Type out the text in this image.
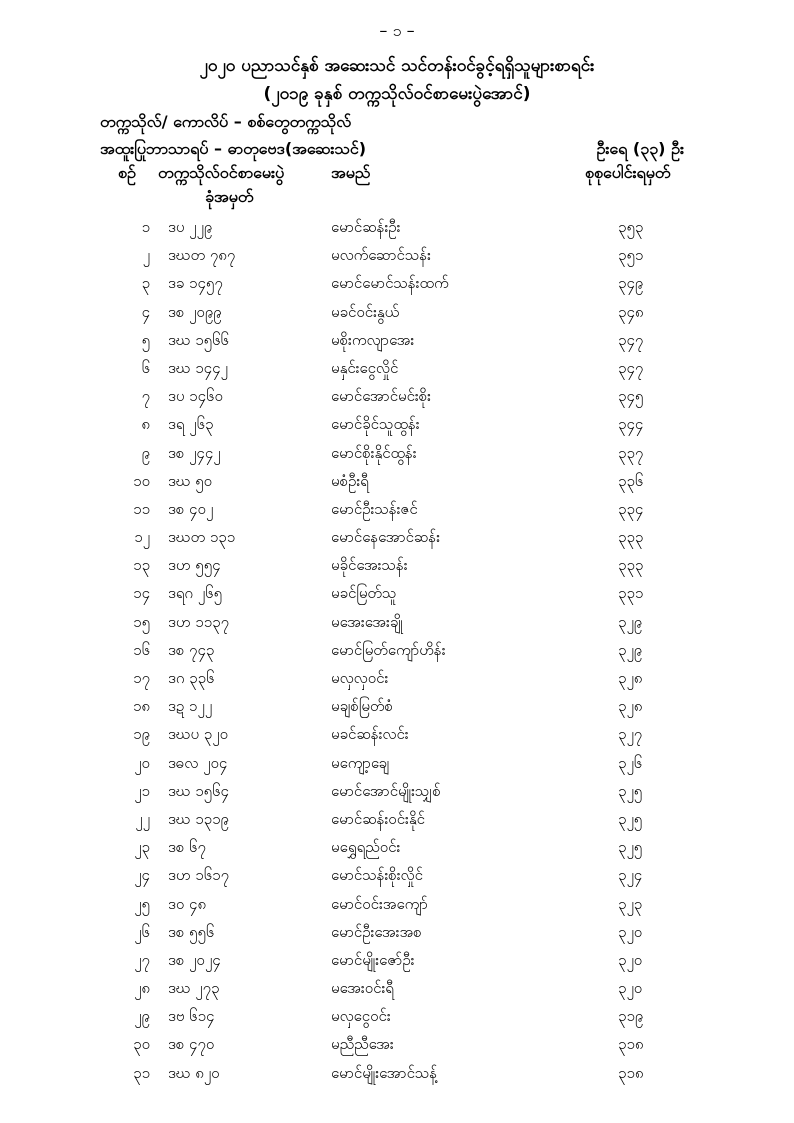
– ၁ –
၂၀၂၀ ပညာသင်နှစ် အဆေးသင် သင်တန်းဝင်ခွင့်ရရှိသူများစာရင်း
(၂၀၁၉ ခုနှစ် တက္ကသိုလ်ဝင်စာမေးပွဲအောင်)
တက္ကသိုလ်/ ကောလိပ် – စစ်တွေတက္ကသိုလ်
အထူးပြုဘာသာရပ် – ဓာတုဗေဒ(အဆေးသင်)	ဦးရေ (၃၃) ဦး
စဉ် တက္ကသိုလ်ဝင်စာမေးပွဲ
ခုံအမှတ်
အမည်	စုစုပေါင်းရမှတ်
၁ ဒပ ၂၂၉	မောင်ဆန်းဦး	၃၅၃
၂ ဒဃတ ၇၈၇	မလက်ဆောင်သန်း	၃၅၁
၃ ဒခ ၁၄၅၇	မောင်မောင်သန်းထက်	၃၄၉
၄ ဒစ ၂၀၉၉	မခင်ဝင်းနွယ်	၃၄၈
၅ ဒဃ ၁၅၆၆	မစိုးကလျာအေး	၃၄၇
၆ ဒဃ ၁၄၄၂	မနှင်းငွေလှိုင်	၃၄၇
၇ ဒပ ၁၄၆၀	မောင်အောင်မင်းစိုး	၃၄၅
၈ ဒရ ၂၆၃	မောင်ခိုင်သူထွန်း	၃၄၄
၉ ဒစ ၂၄၄၂	မောင်စိုးနိုင်ထွန်း	၃၃၇
၁၀ ဒဃ ၅၀	မစံဦးရီ	၃၃၆
၁၁ ဒစ ၄၀၂	မောင်ဦးသန်းဇင်	၃၃၄
၁၂ ဒဃတ ၁၃၁	မောင်နေအောင်ဆန်း	၃၃၃
၁၃ ဒဟ ၅၅၄	မခိုင်အေးသန်း	၃၃၃
၁၄ ဒရဂ ၂၆၅	မခင်မြတ်သူ	၃၃၁
၁၅ ဒဟ ၁၁၃၇	မအေးအေးချို	၃၂၉
၁၆ ဒစ ၇၄၃	မောင်မြတ်ကျော်ဟိန်း	၃၂၉
၁၇ ဒဂ ၃၃၆	မလှလှဝင်း	၃၂၈
၁၈ ဒဍ ၁၂၂	မချစ်မြတ်စံ	၃၂၈
၁၉ ဒဃပ ၃၂၀	မခင်ဆန်းလင်း	၃၂၇
၂၀ ဒဓလ ၂၀၄	မကျော့ချေ	၃၂၆
၂၁ ဒဃ ၁၅၆၄	မောင်အောင်မျိုးသျှစ်	၃၂၅
၂၂ ဒဃ ၁၃၁၉	မောင်ဆန်းဝင်းနိုင်	၃၂၅
၂၃ ဒစ ၆၇	မရွှေရည်ဝင်း	၃၂၅
၂၄ ဒဟ ၁၆၁၇	မောင်သန်းစိုးလှိုင်	၃၂၄
၂၅ ဒဝ ၄၈	မောင်ဝင်းအကျော်	၃၂၃
၂၆ ဒစ ၅၅၆	မောင်ဦးအေးအစ	၃၂၀
၂၇ ဒစ ၂၀၂၄	မောင်မျိုးဇော်ဦး	၃၂၀
၂၈ ဒဃ ၂၇၃	မအေးဝင်းရီ	၃၂၀
၂၉ ဒဗ ၆၁၄	မလှငွေဝင်း	၃၁၉
၃၀ ဒစ ၄၇၀	မညီညီအေး	၃၁၈
၃၁ ဒဃ ၈၂၀	မောင်မျိုးအောင်သန့်	၃၁၈
